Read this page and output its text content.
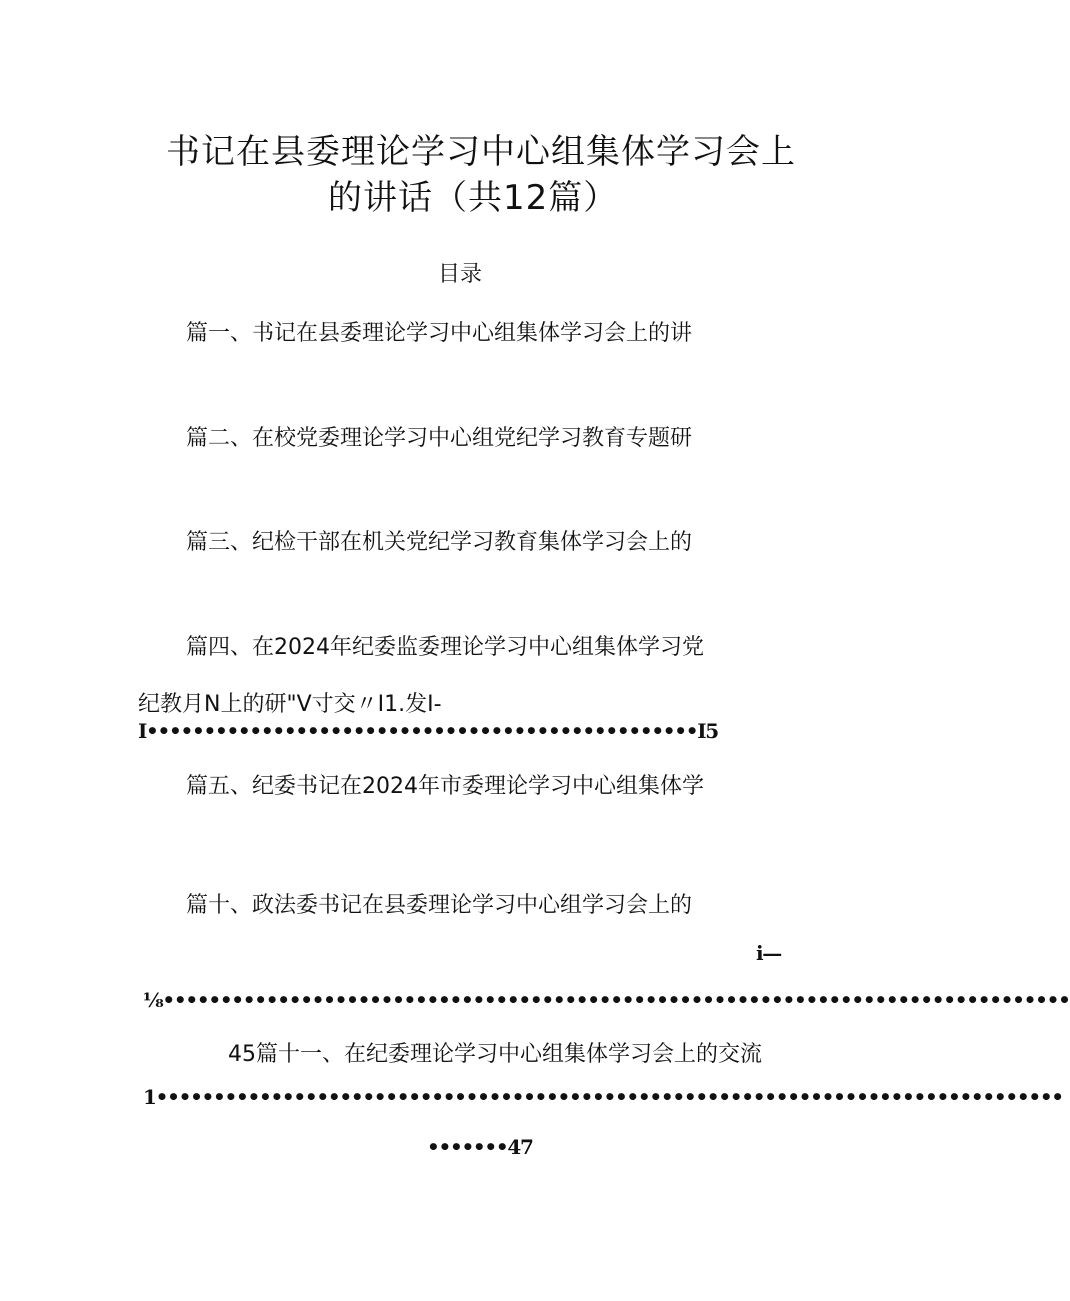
书记在县委理论学习中心组集体学习会上
的讲话（共12篇）
目录
篇一、书记在县委理论学习中心组集体学习会上的讲
篇二、在校党委理论学习中心组党纪学习教育专题研
篇三、纪检干部在机关党纪学习教育集体学习会上的
篇四、在2024年纪委监委理论学习中心组集体学习党
纪教月N上的研"V寸交〃I1.发I-
I••••••••••••••••••••••••••••••••••••••••••••••••I5
篇五、纪委书记在2024年市委理论学习中心组集体学
篇十、政法委书记在县委理论学习中心组学习会上的
i—
⅛•••••••••••••••••••••••••••••••••••••••••••••••••••••••••••••••••••••••••••••••
45篇十一、在纪委理论学习中心组集体学习会上的交流
1•••••••••••••••••••••••••••••••••••••••••••••••••••••••••••••••••••••••••••••••
•••••••47
